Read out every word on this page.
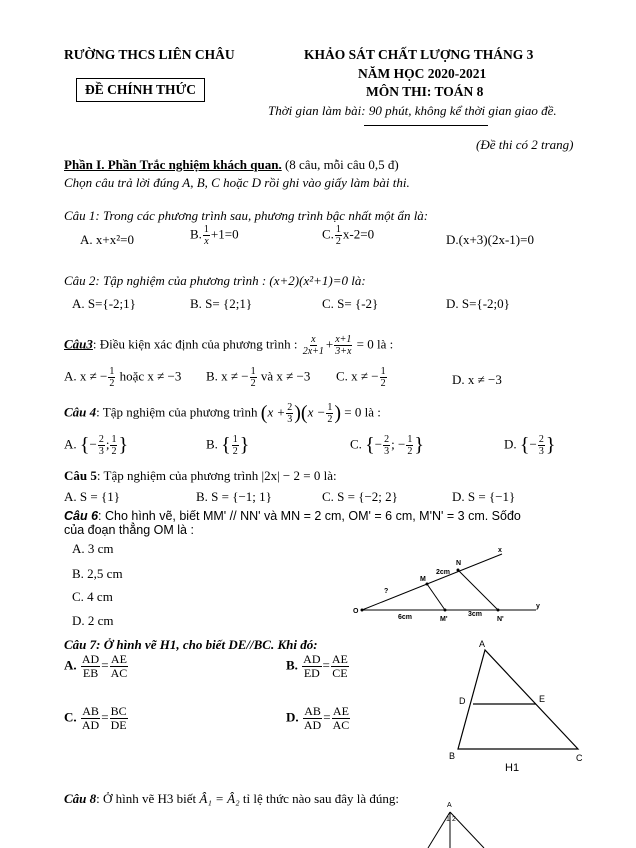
RƯỜNG THCS LIÊN CHÂU
ĐỀ CHÍNH THỨC
KHẢO SÁT CHẤT LƯỢNG THÁNG 3
NĂM HỌC 2020-2021
MÔN THI: TOÁN 8
Thời gian làm bài: 90 phút, không kể thời gian giao đề.
(Đề thi có 2 trang)
Phần I. Phần Trắc nghiệm khách quan. (8 câu, mỗi câu 0,5 đ)
Chọn câu trả lời đúng A, B, C hoặc D rồi ghi vào giấy làm bài thi.
Câu 1: Trong các phương trình sau, phương trình bậc nhất một ẩn là:
A. x+x²=0	B. $\frac{1}{x} +1=0$	C. $\frac{1}{2} x-2=0$	D.(x+3)(2x-1)=0
Câu 2: Tập nghiệm của phương trình : (x+2)(x²+1)=0 là:
A. S={-2;1}	B. S= {2;1}	C. S= {-2}	D. S={-2;0}
Câu3: Điều kiện xác định của phương trình : $\frac{x}{2x+1} + \frac{x+1}{3+x} = 0$ là :
A. x ≠ − $\frac{1}{2}$ hoặc x ≠ −3 B. x ≠ − $\frac{1}{2}$ và x ≠ −3 C. x ≠ − $\frac{1}{2}$	D. x ≠ −3
Câu 4: Tập nghiệm của phương trình $(x + \frac{2}{3} )(x - \frac{1}{2}$ ) = 0 là :
A. {− $\frac{2}{3}$ ; $\frac{1}{2}$ }	B. { $\frac{1}{2}$ }	C. {− $\frac{2}{3}$ ; − $\frac{1}{2}$ }	D. {− $\frac{2}{3}$ }
Câu 5: Tập nghiệm của phương trình |2x| − 2 = 0 là:
A. S = {1}	B. S = {−1; 1}	C. S = {−2; 2}	D. S = {−1}
Câu 6: Cho hình vẽ, biết MM' // NN' và MN = 2 cm, OM' = 6 cm, M'N' = 3 cm. Sốđo
của đoạn thẳng OM là :
A. 3 cm
B. 2,5 cm
C. 4 cm
D. 2 cm
x
y
N
M
O
M'	N'
2cm
?
6cm	3cm
Câu 7: Ở hình vẽ H1, cho biết DE//BC. Khi đó:
A. $\frac{AD}{EB} = \frac{AE}{AC}$	B. $\frac{AD}{ED} = \frac{AE}{CE}$
C. $\frac{AB}{AD} = \frac{BC}{DE}$	D. $\frac{AB}{AD} = \frac{AE}{AC}$
A
D	E
B	C
H1
Câu 8: Ở hình vẽ H3 biết Â₁ = Â₂ tỉ lệ thức nào sau đây là đúng:	A
1 2
